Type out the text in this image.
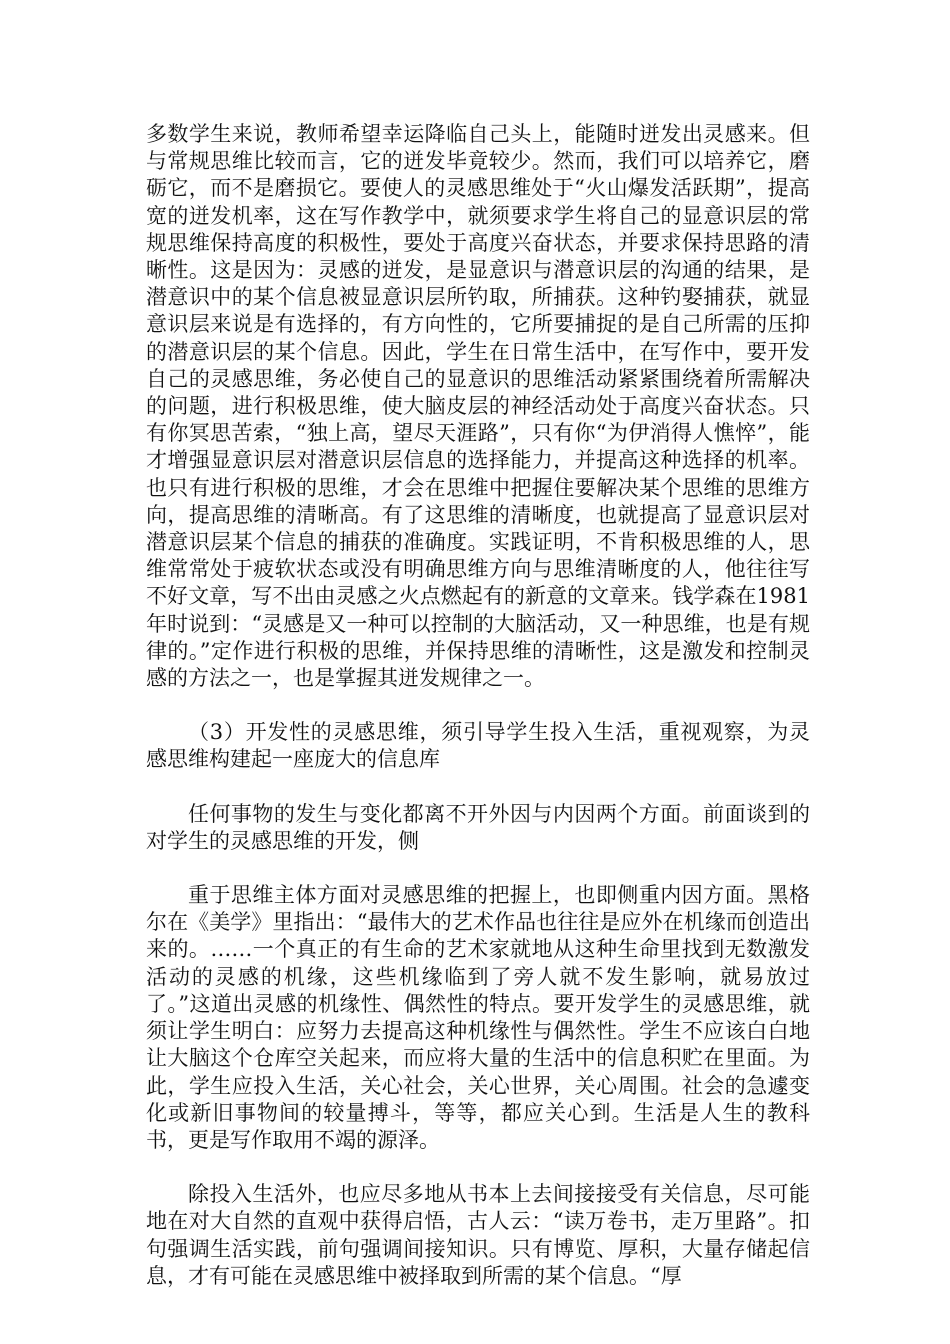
多数学生来说，教师希望幸运降临自己头上，能随时迸发出灵感来。但与常规思维比较而言，它的迸发毕竟较少。然而，我们可以培养它，磨砺它，而不是磨损它。要使人的灵感思维处于“火山爆发活跃期”，提高宽的迸发机率，这在写作教学中，就须要求学生将自己的显意识层的常规思维保持高度的积极性，要处于高度兴奋状态，并要求保持思路的清晰性。这是因为：灵感的迸发，是显意识与潜意识层的沟通的结果，是潜意识中的某个信息被显意识层所钓取，所捕获。这种钓娶捕获，就显意识层来说是有选择的，有方向性的，它所要捕捉的是自己所需的压抑的潜意识层的某个信息。因此，学生在日常生活中，在写作中，要开发自己的灵感思维，务必使自己的显意识的思维活动紧紧围绕着所需解决的问题，进行积极思维，使大脑皮层的神经活动处于高度兴奋状态。只有你冥思苦索，“独上高，望尽天涯路”，只有你“为伊消得人憔悴”，能才增强显意识层对潜意识层信息的选择能力，并提高这种选择的机率。也只有进行积极的思维，才会在思维中把握住要解决某个思维的思维方向，提高思维的清晰高。有了这思维的清晰度，也就提高了显意识层对潜意识层某个信息的捕获的准确度。实践证明，不肯积极思维的人，思维常常处于疲软状态或没有明确思维方向与思维清晰度的人，他往往写不好文章，写不出由灵感之火点燃起有的新意的文章来。钱学森在1981年时说到：“灵感是又一种可以控制的大脑活动，又一种思维，也是有规律的。”定作进行积极的思维，并保持思维的清晰性，这是激发和控制灵感的方法之一，也是掌握其迸发规律之一。

（3）开发性的灵感思维，须引导学生投入生活，重视观察，为灵感思维构建起一座庞大的信息库

任何事物的发生与变化都离不开外因与内因两个方面。前面谈到的对学生的灵感思维的开发，侧

重于思维主体方面对灵感思维的把握上，也即侧重内因方面。黑格尔在《美学》里指出：“最伟大的艺术作品也往往是应外在机缘而创造出来的。……一个真正的有生命的艺术家就地从这种生命里找到无数激发活动的灵感的机缘，这些机缘临到了旁人就不发生影响，就易放过了。”这道出灵感的机缘性、偶然性的特点。要开发学生的灵感思维，就须让学生明白：应努力去提高这种机缘性与偶然性。学生不应该白白地让大脑这个仓库空关起来，而应将大量的生活中的信息积贮在里面。为此，学生应投入生活，关心社会，关心世界，关心周围。社会的急遽变化或新旧事物间的较量搏斗，等等，都应关心到。生活是人生的教科书，更是写作取用不竭的源泽。

除投入生活外，也应尽多地从书本上去间接接受有关信息，尽可能地在对大自然的直观中获得启悟，古人云：“读万卷书，走万里路”。扣句强调生活实践，前句强调间接知识。只有博览、厚积，大量存储起信息，才有可能在灵感思维中被择取到所需的某个信息。“厚
